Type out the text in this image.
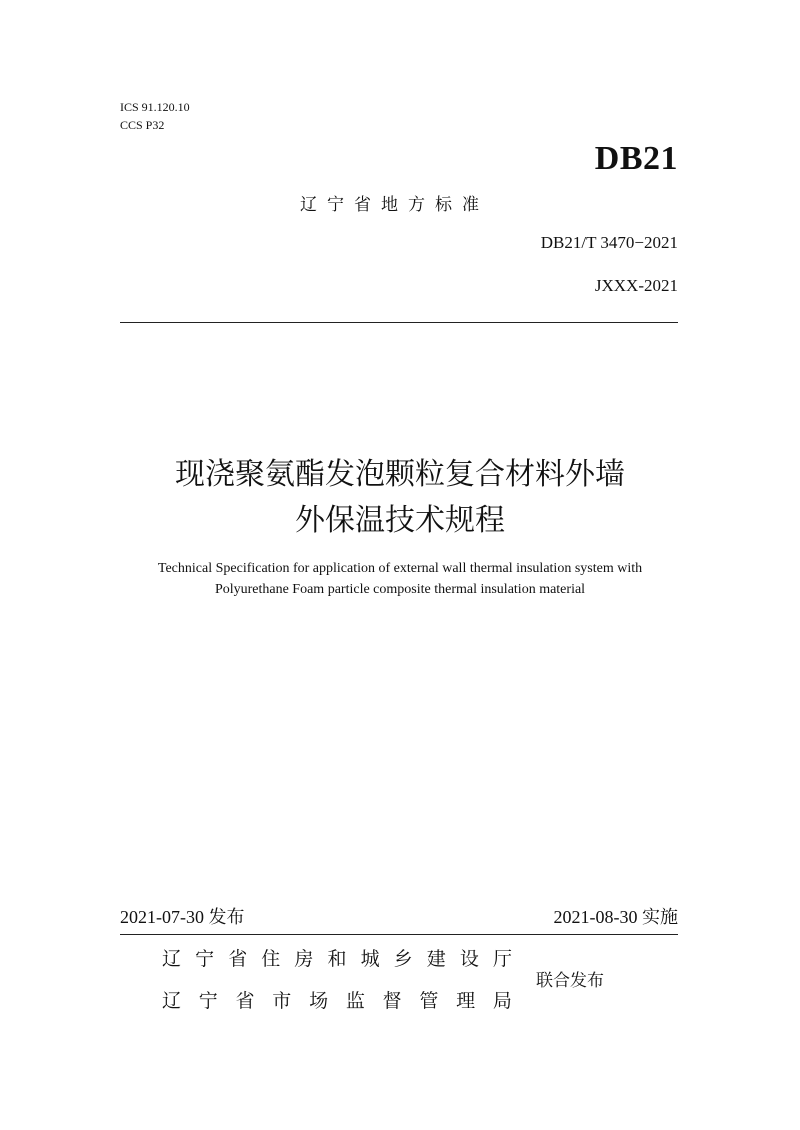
ICS 91.120.10
CCS P32
DB21
辽宁省地方标准
DB21/T 3470−2021
JXXX-2021
现浇聚氨酯发泡颗粒复合材料外墙
外保温技术规程
Technical Specification for application of external wall thermal insulation system with
Polyurethane Foam particle composite thermal insulation material
2021-07-30 发布	2021-08-30 实施
辽 宁 省 住 房 和 城 乡 建 设 厅
辽 宁 省 市 场 监 督 管 理 局
联合发布
